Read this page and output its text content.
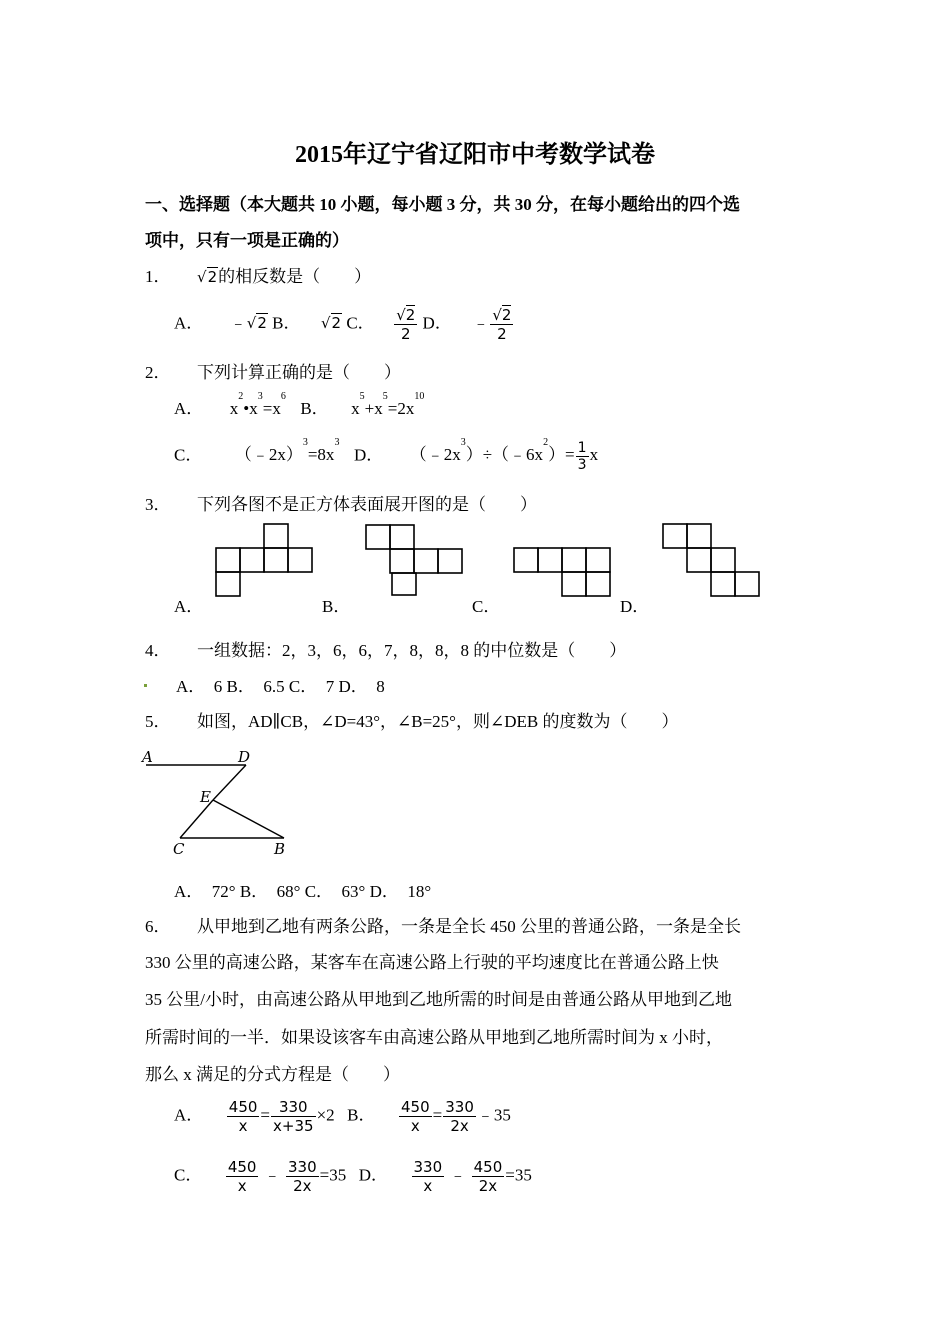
2015年辽宁省辽阳市中考数学试卷
一、选择题（本大题共 10 小题，每小题 3 分，共 30 分，在每小题给出的四个选
项中，只有一项是正确的）
1． √2的相反数是（　　）
A． ﹣√2 B． √2 C． $\frac{√2}{2}$ D． ﹣ $\frac{√2}{2}$
2． 下列计算正确的是（　　）
A． $x^2•x^3=x^6$  B． $x^5+x^5=2x^{10}$
C． $(﹣2x)^3=8x^3$  D． $(﹣2x^3)\div(﹣6x^2)= \frac{1}{3}$ x
3． 下列各图不是正方体表面展开图的是（　　）
A．	B．	C．	D．
4． 一组数据：2，3，6，6，7，8，8，8 的中位数是（　　）
A．　6 B．　6.5 C．　7 D．　8
5． 如图，AD∥CB，∠D=43°，∠B=25°，则∠DEB 的度数为（　　）
A	D
E
C	B
A．　72° B．　68° C．　63° D．　18°
6． 从甲地到乙地有两条公路，一条是全长 450 公里的普通公路，一条是全长
330 公里的高速公路，某客车在高速公路上行驶的平均速度比在普通公路上快
35 公里/小时，由高速公路从甲地到乙地所需的时间是由普通公路从甲地到乙地
所需时间的一半．如果设该客车由高速公路从甲地到乙地所需时间为 x 小时，
那么 x 满足的分式方程是（　　）
A． $\frac{450}{x} = \frac{330}{x+35} \times 2$ B． $\frac{450}{x} = \frac{330}{2x}$ ﹣35
C． $\frac{450}{x}$ ﹣ $\frac{330}{2x} =35$ D． $\frac{330}{x}$ ﹣ $\frac{450}{2x} =35$
